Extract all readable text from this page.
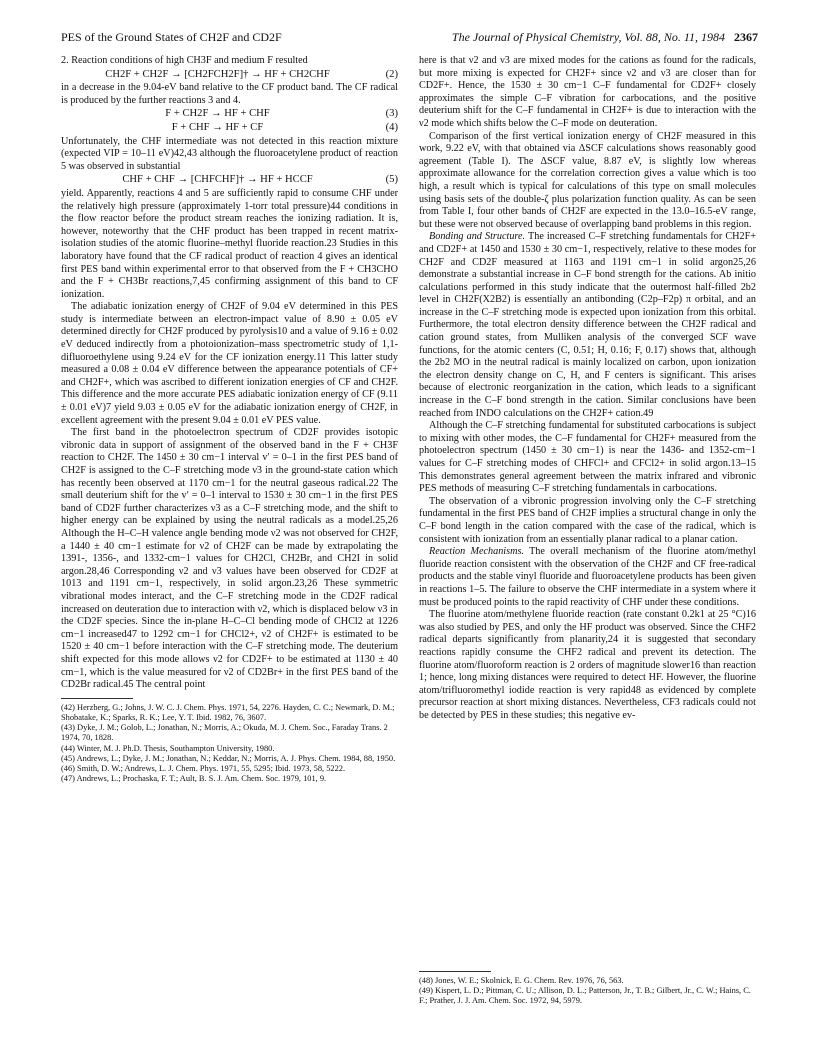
PES of the Ground States of CH2F and CD2F	The Journal of Physical Chemistry, Vol. 88, No. 11, 1984 2367

2. Reaction conditions of high CH3F and medium F resulted

CH2F + CH2F → [CH2FCH2F]† → HF + CH2CHF	(2)

in a decrease in the 9.04-eV band relative to the CF product band. The CF radical is produced by the further reactions 3 and 4.

F + CH2F → HF + CHF	(3)
F + CHF → HF + CF	(4)

Unfortunately, the CHF intermediate was not detected in this reaction mixture (expected VIP = 10–11 eV)42,43 although the fluoroacetylene product of reaction 5 was observed in substantial

CHF + CHF → [CHFCHF]† → HF + HCCF	(5)

yield. Apparently, reactions 4 and 5 are sufficiently rapid to consume CHF under the relatively high pressure (approximately 1-torr total pressure)44 conditions in the flow reactor before the product stream reaches the ionizing radiation. It is, however, noteworthy that the CHF product has been trapped in recent matrix-isolation studies of the atomic fluorine–methyl fluoride reaction.23 Studies in this laboratory have found that the CF radical product of reaction 4 gives an identical first PES band within experimental error to that observed from the F + CH3CHO and the F + CH3Br reactions,7,45 confirming assignment of this band to CF ionization.

The adiabatic ionization energy of CH2F of 9.04 eV determined in this PES study is intermediate between an electron-impact value of 8.90 ± 0.05 eV determined directly for CH2F produced by pyrolysis10 and a value of 9.16 ± 0.02 eV deduced indirectly from a photoionization–mass spectrometric study of 1,1-difluoroethylene using 9.24 eV for the CF ionization energy.11 This latter study measured a 0.08 ± 0.04 eV difference between the appearance potentials of CF+ and CH2F+, which was ascribed to different ionization energies of CF and CH2F. This difference and the more accurate PES adiabatic ionization energy of CF (9.11 ± 0.01 eV)7 yield 9.03 ± 0.05 eV for the adiabatic ionization energy of CH2F, in excellent agreement with the present 9.04 ± 0.01 eV PES value.

The first band in the photoelectron spectrum of CD2F provides isotopic vibronic data in support of assignment of the observed band in the F + CH3F reaction to CH2F. The 1450 ± 30 cm−1 interval v′ = 0–1 in the first PES band of CH2F is assigned to the C–F stretching mode ν3 in the ground-state cation which has recently been observed at 1170 cm−1 for the neutral gaseous radical.22 The small deuterium shift for the v′ = 0–1 interval to 1530 ± 30 cm−1 in the first PES band of CD2F further characterizes ν3 as a C–F stretching mode, and the shift to higher energy can be explained by using the neutral radicals as a model.25,26 Although the H–C–H valence angle bending mode ν2 was not observed for CH2F, a 1440 ± 40 cm−1 estimate for ν2 of CH2F can be made by extrapolating the 1391-, 1356-, and 1332-cm−1 values for CH2Cl, CH2Br, and CH2I in solid argon.28,46 Corresponding ν2 and ν3 values have been observed for CD2F at 1013 and 1191 cm−1, respectively, in solid argon.23,26 These symmetric vibrational modes interact, and the C–F stretching mode in the CD2F radical increased on deuteration due to interaction with ν2, which is displaced below ν3 in the CD2F species. Since the in-plane H–C–Cl bending mode of CHCl2 at 1226 cm−1 increased47 to 1292 cm−1 for CHCl2+, ν2 of CH2F+ is estimated to be 1520 ± 40 cm−1 before interaction with the C–F stretching mode. The deuterium shift expected for this mode allows ν2 for CD2F+ to be estimated at 1130 ± 40 cm−1, which is the value measured for ν2 of CD2Br+ in the first PES band of the CD2Br radical.45 The central point

(42) Herzberg, G.; Johns, J. W. C. J. Chem. Phys. 1971, 54, 2276. Hayden, C. C.; Newmark, D. M.; Shobatake, K.; Sparks, R. K.; Lee, Y. T. Ibid. 1982, 76, 3607.
(43) Dyke, J. M.; Golob, L.; Jonathan, N.; Morris, A.; Okuda, M. J. Chem. Soc., Faraday Trans. 2 1974, 70, 1828.
(44) Winter, M. J. Ph.D. Thesis, Southampton University, 1980.
(45) Andrews, L.; Dyke, J. M.; Jonathan, N.; Keddar, N.; Morris, A. J. Phys. Chem. 1984, 88, 1950.
(46) Smith, D. W.; Andrews, L. J. Chem. Phys. 1971, 55, 5295; Ibid. 1973, 58, 5222.
(47) Andrews, L.; Prochaska, F. T.; Ault, B. S. J. Am. Chem. Soc. 1979, 101, 9.

here is that ν2 and ν3 are mixed modes for the cations as found for the radicals, but more mixing is expected for CH2F+ since ν2 and ν3 are closer than for CD2F+. Hence, the 1530 ± 30 cm−1 C–F fundamental for CD2F+ closely approximates the simple C–F vibration for carbocations, and the positive deuterium shift for the C–F fundamental in CH2F+ is due to interaction with the ν2 mode which shifts below the C–F mode on deuteration.

Comparison of the first vertical ionization energy of CH2F measured in this work, 9.22 eV, with that obtained via ΔSCF calculations shows reasonably good agreement (Table I). The ΔSCF value, 8.87 eV, is slightly low whereas approximate allowance for the correlation correction gives a value which is too high, a result which is typical for calculations of this type on small molecules using basis sets of the double-ζ plus polarization function quality. As can be seen from Table I, four other bands of CH2F are expected in the 13.0–16.5-eV range, but these were not observed because of overlapping band problems in this region.

Bonding and Structure. The increased C–F stretching fundamentals for CH2F+ and CD2F+ at 1450 and 1530 ± 30 cm−1, respectively, relative to these modes for CH2F and CD2F measured at 1163 and 1191 cm−1 in solid argon25,26 demonstrate a substantial increase in C–F bond strength for the cations. Ab initio calculations performed in this study indicate that the outermost half-filled 2b2 level in CH2F(X2B2) is essentially an antibonding (C2p–F2p) π orbital, and an increase in the C–F stretching mode is expected upon ionization from this orbital. Furthermore, the total electron density difference between the CH2F radical and cation ground states, from Mulliken analysis of the converged SCF wave functions, for the atomic centers (C, 0.51; H, 0.16; F, 0.17) shows that, although the 2b2 MO in the neutral radical is mainly localized on carbon, upon ionization the electron density change on C, H, and F centers is significant. This arises because of electronic reorganization in the cation, which leads to a significant increase in the C–F bond strength in the cation. Similar conclusions have been reached from INDO calculations on the CH2F+ cation.49

Although the C–F stretching fundamental for substituted carbocations is subject to mixing with other modes, the C–F fundamental for CH2F+ measured from the photoelectron spectrum (1450 ± 30 cm−1) is near the 1436- and 1352-cm−1 values for C–F stretching modes of CHFCl+ and CFCl2+ in solid argon.13–15 This demonstrates general agreement between the matrix infrared and vibronic PES methods of measuring C–F stretching fundamentals in carbocations.

The observation of a vibronic progression involving only the C–F stretching fundamental in the first PES band of CH2F implies a structural change in only the C–F bond length in the cation compared with the case of the radical, which is consistent with ionization from an essentially planar radical to a planar cation.

Reaction Mechanisms. The overall mechanism of the fluorine atom/methyl fluoride reaction consistent with the observation of the CH2F and CF free-radical products and the stable vinyl fluoride and fluoroacetylene products has been given in reactions 1–5. The failure to observe the CHF intermediate in a system where it must be produced points to the rapid reactivity of CHF under these conditions.

The fluorine atom/methylene fluoride reaction (rate constant 0.2k1 at 25 °C)16 was also studied by PES, and only the HF product was observed. Since the CHF2 radical departs significantly from planarity,24 it is suggested that secondary reactions rapidly consume the CHF2 radical and prevent its detection. The fluorine atom/fluoroform reaction is 2 orders of magnitude slower16 than reaction 1; hence, long mixing distances were required to detect HF. However, the fluorine atom/trifluoromethyl iodide reaction is very rapid48 as evidenced by complete precursor reaction at short mixing distances. Nevertheless, CF3 radicals could not be detected by PES in these studies; this negative ev-

(48) Jones, W. E.; Skolnick, E. G. Chem. Rev. 1976, 76, 563.
(49) Kispert, L. D.; Pittman, C. U.; Allison, D. L.; Patterson, Jr., T. B.; Gilbert, Jr., C. W.; Hains, C. F.; Prather, J. J. Am. Chem. Soc. 1972, 94, 5979.
